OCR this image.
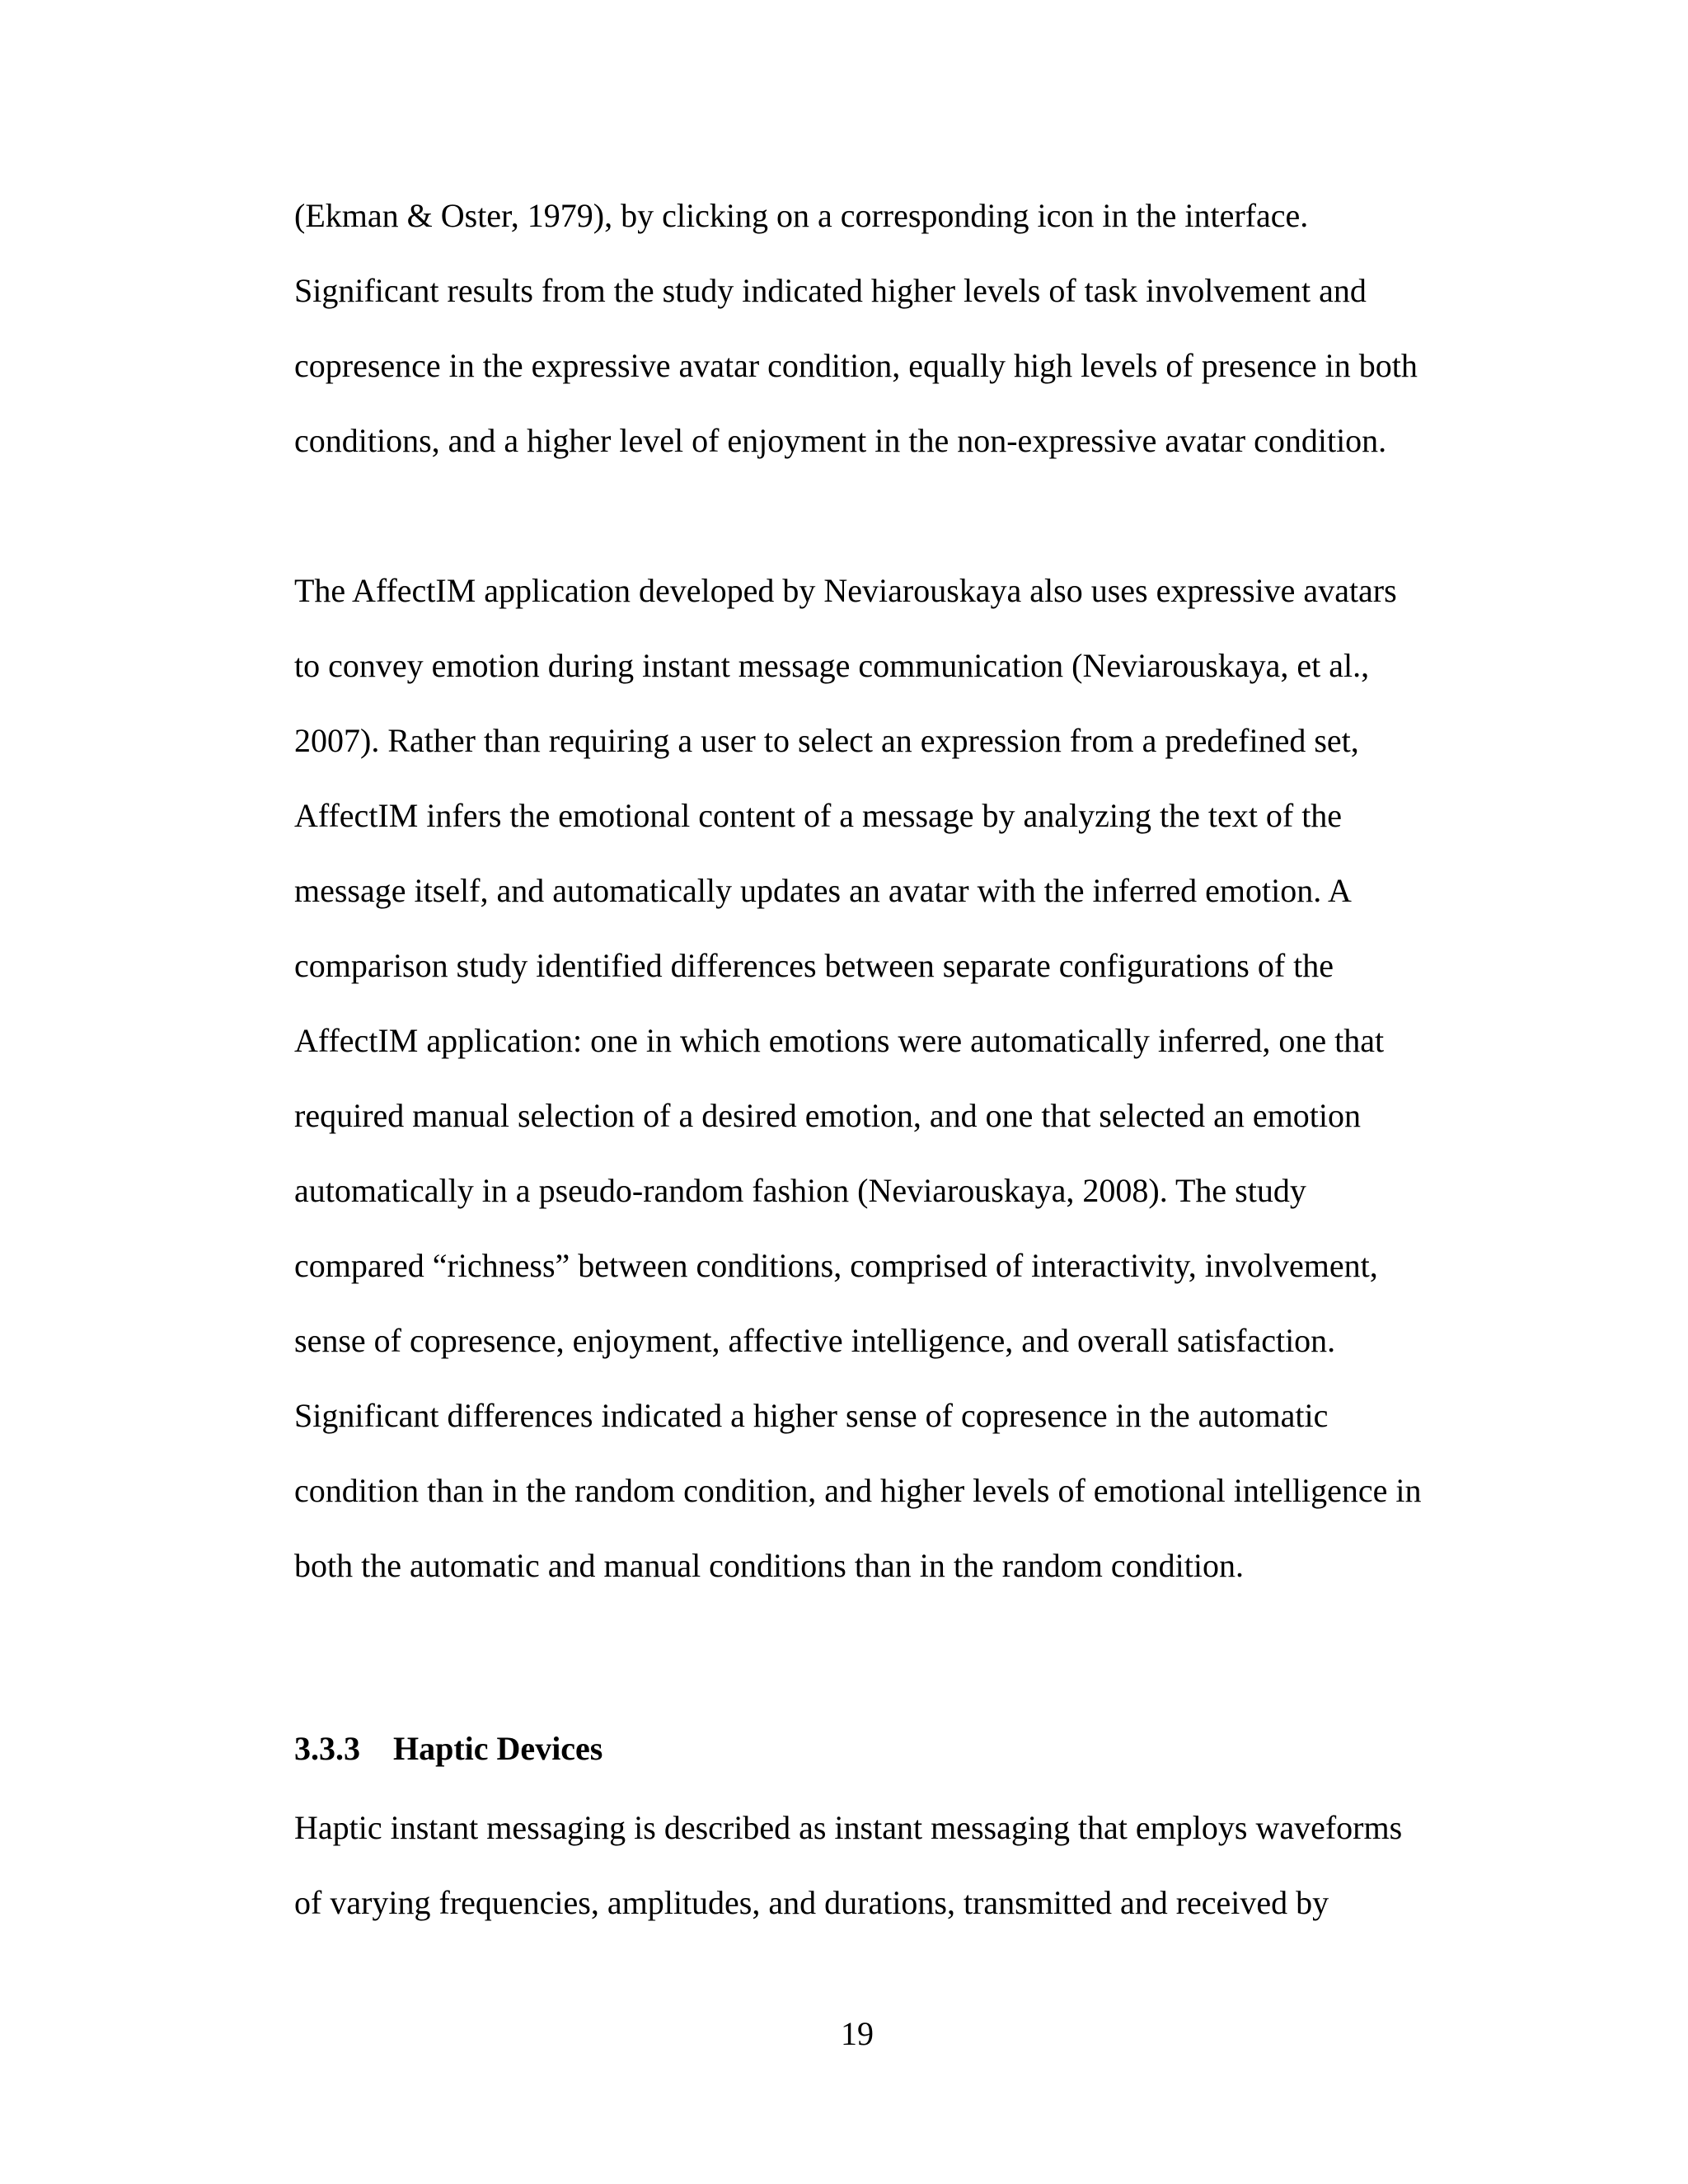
(Ekman & Oster, 1979), by clicking on a corresponding icon in the interface.
Significant results from the study indicated higher levels of task involvement and
copresence in the expressive avatar condition, equally high levels of presence in both
conditions, and a higher level of enjoyment in the non-expressive avatar condition.
The AffectIM application developed by Neviarouskaya also uses expressive avatars
to convey emotion during instant message communication (Neviarouskaya, et al.,
2007). Rather than requiring a user to select an expression from a predefined set,
AffectIM infers the emotional content of a message by analyzing the text of the
message itself, and automatically updates an avatar with the inferred emotion. A
comparison study identified differences between separate configurations of the
AffectIM application: one in which emotions were automatically inferred, one that
required manual selection of a desired emotion, and one that selected an emotion
automatically in a pseudo-random fashion (Neviarouskaya, 2008). The study
compared “richness” between conditions, comprised of interactivity, involvement,
sense of copresence, enjoyment, affective intelligence, and overall satisfaction.
Significant differences indicated a higher sense of copresence in the automatic
condition than in the random condition, and higher levels of emotional intelligence in
both the automatic and manual conditions than in the random condition.
3.3.3 Haptic Devices
Haptic instant messaging is described as instant messaging that employs waveforms
of varying frequencies, amplitudes, and durations, transmitted and received by
19
